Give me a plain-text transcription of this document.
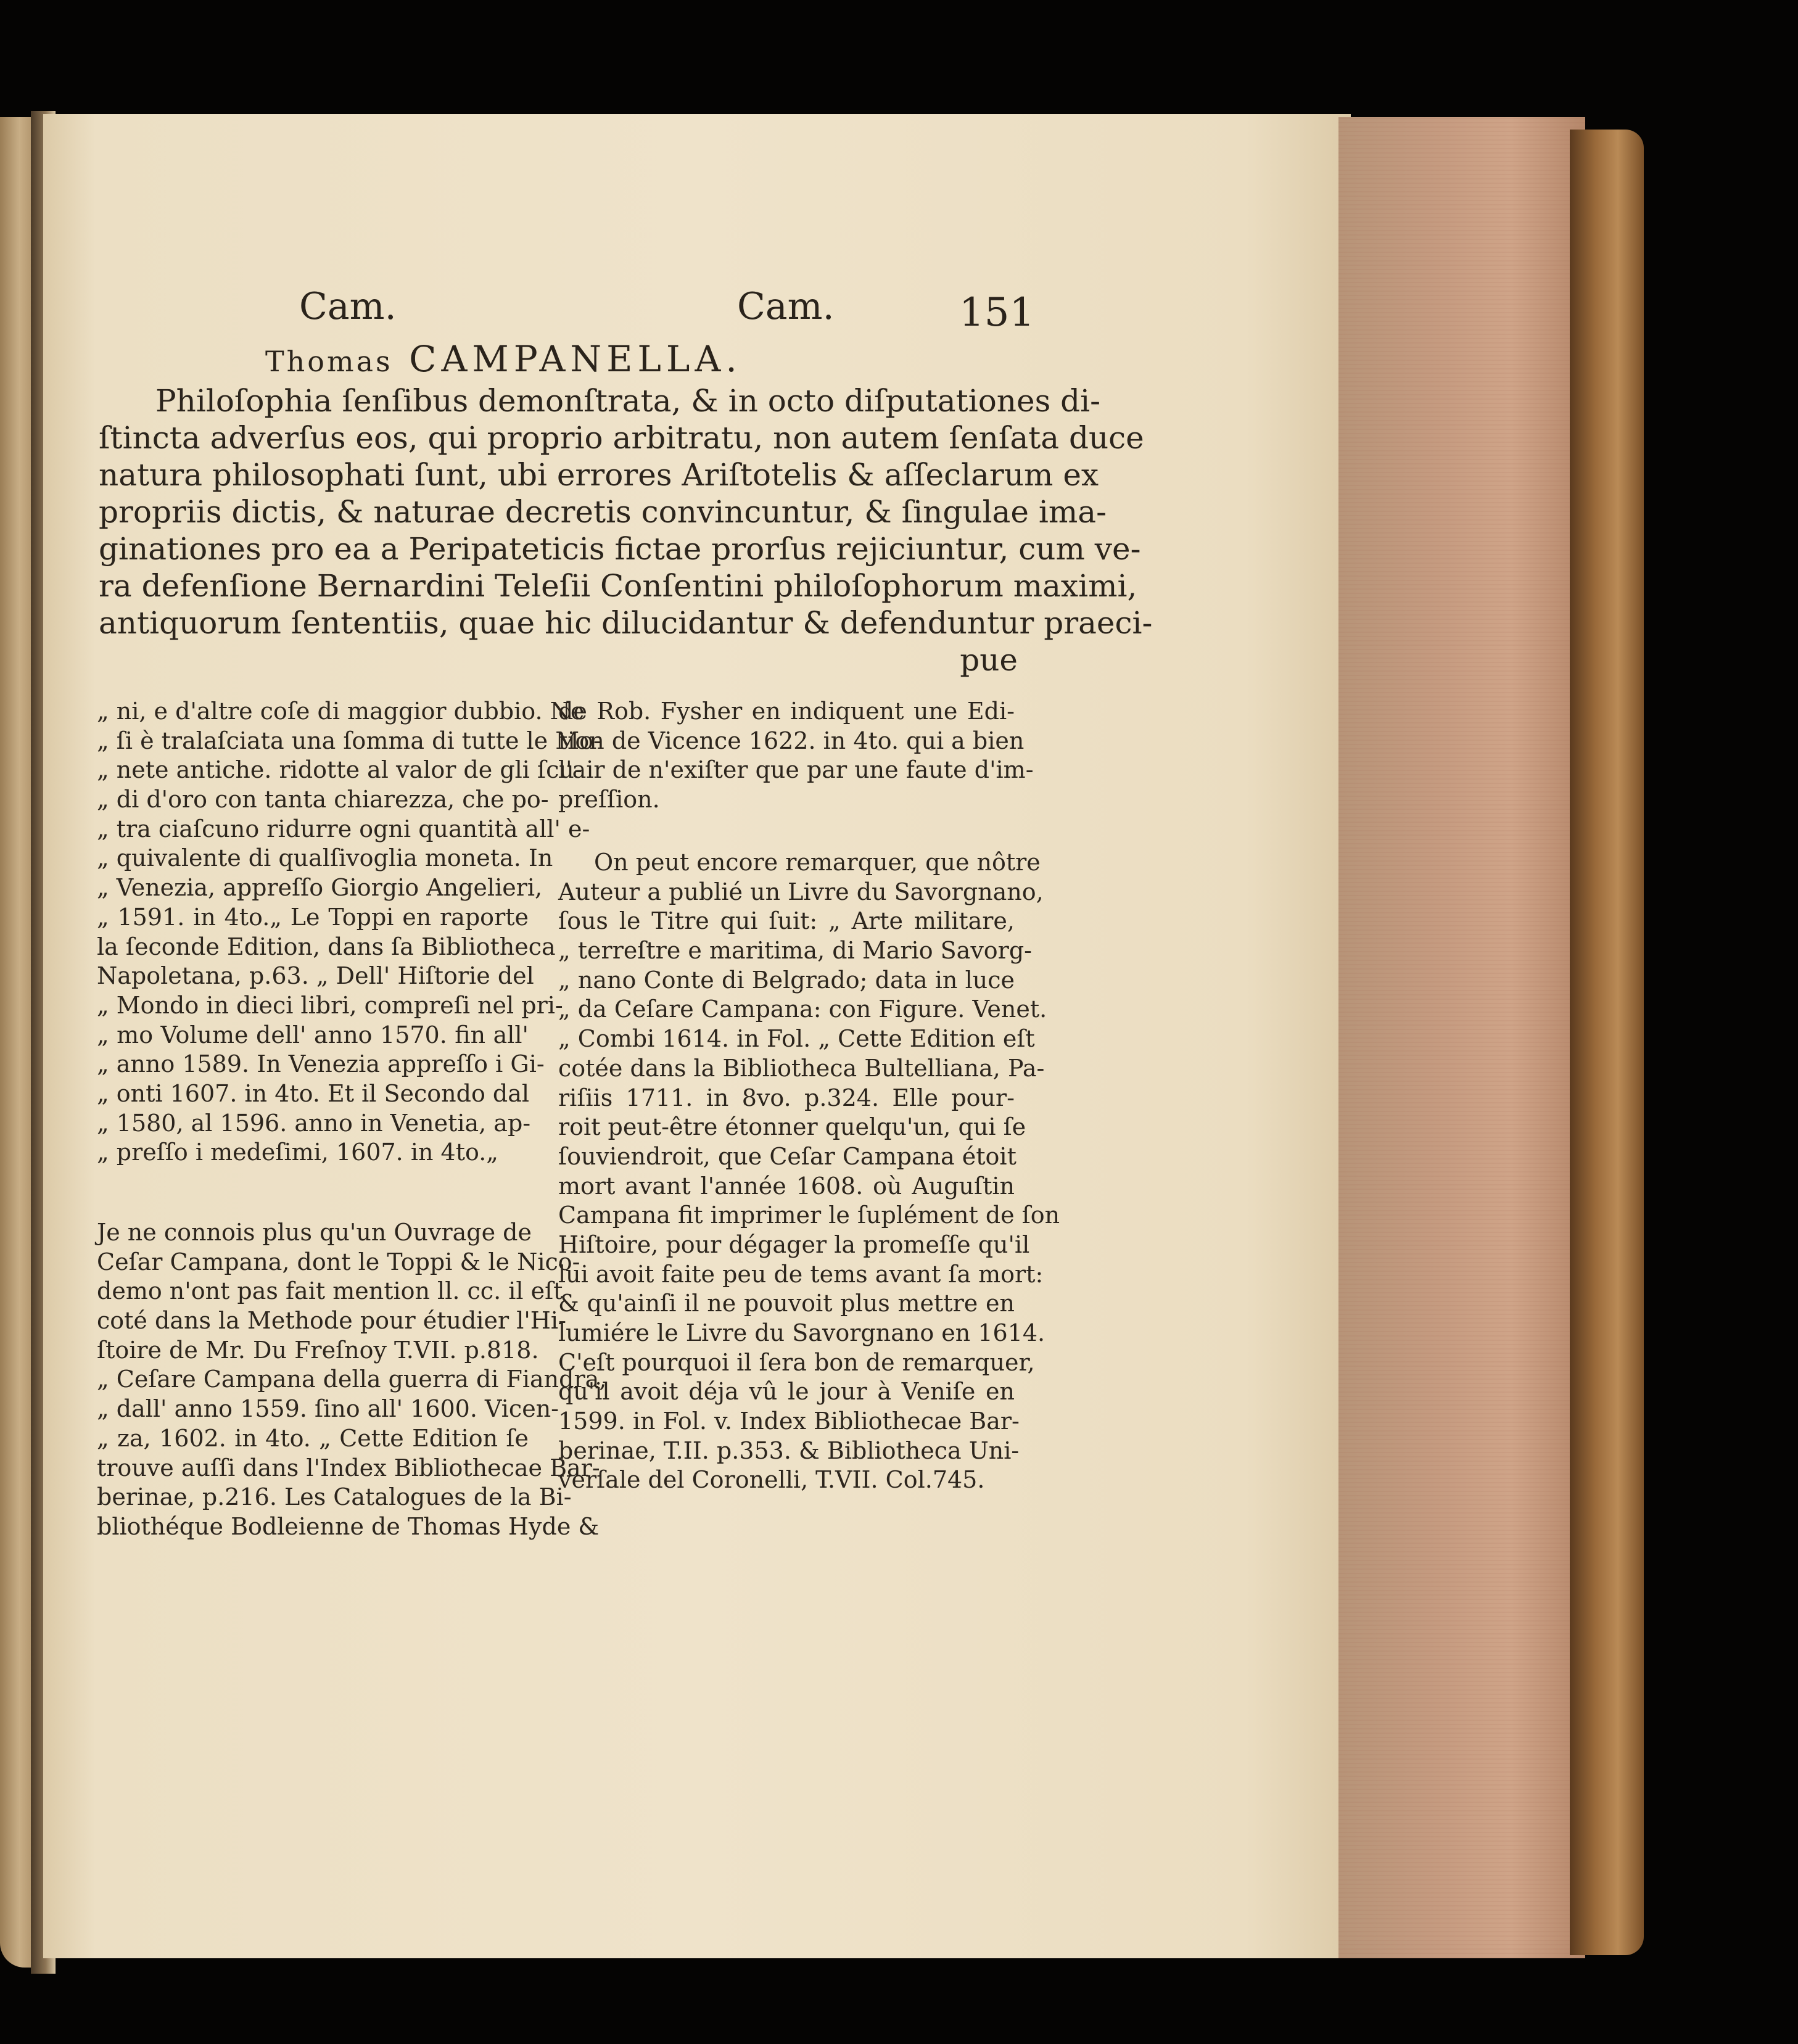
Cam.	Cam.	151
Thomas CAMPANELLA.
Philoſophia ſenſibus demonſtrata, & in octo diſputationes di-
ſtincta adverſus eos, qui proprio arbitratu, non autem ſenſata duce
natura philosophati ſunt, ubi errores Ariſtotelis & aſſeclarum ex
propriis dictis, & naturae decretis convincuntur, & ſingulae ima-
ginationes pro ea a Peripateticis fictae prorſus rejiciuntur, cum ve-
ra defenſione Bernardini Teleſii Conſentini philoſophorum maximi,
antiquorum ſententiis, quae hic dilucidantur & defenduntur praeci-
pue
„ ni, e d'altre coſe di maggior dubbio. Ne
„ ſi è tralaſciata una ſomma di tutte le Mo-
„ nete antiche. ridotte al valor de gli ſcu-
„ di d'oro con tanta chiarezza, che po-
„ tra ciaſcuno ridurre ogni quantità all' e-
„ quivalente di qualſivoglia moneta. In
„ Venezia, appreſſo Giorgio Angelieri,
„ 1591. in 4to.„ Le Toppi en raporte
la ſeconde Edition, dans ſa Bibliotheca
Napoletana, p.63. „ Dell' Hiſtorie del
„ Mondo in dieci libri, compreſi nel pri-
„ mo Volume dell' anno 1570. fin all'
„ anno 1589. In Venezia appreſſo i Gi-
„ onti 1607. in 4to. Et il Secondo dal
„ 1580, al 1596. anno in Venetia, ap-
„ preſſo i medeſimi, 1607. in 4to.„
Je ne connois plus qu'un Ouvrage de
Ceſar Campana, dont le Toppi & le Nico-
demo n'ont pas fait mention ll. cc. il eſt
coté dans la Methode pour étudier l'Hi-
ſtoire de Mr. Du Freſnoy T.VII. p.818.
„ Ceſare Campana della guerra di Fiandra,
„ dall' anno 1559. ſino all' 1600. Vicen-
„ za, 1602. in 4to. „ Cette Edition ſe
trouve auſſi dans l'Index Bibliothecae Bar-
berinae, p.216. Les Catalogues de la Bi-
bliothéque Bodleienne de Thomas Hyde &
de Rob. Fysher en indiquent une Edi-
tion de Vicence 1622. in 4to. qui a bien
l'air de n'exiſter que par une faute d'im-
preſſion.
On peut encore remarquer, que nôtre
Auteur a publié un Livre du Savorgnano,
ſous le Titre qui ſuit: „ Arte militare,
„ terreſtre e maritima, di Mario Savorg-
„ nano Conte di Belgrado; data in luce
„ da Ceſare Campana: con Figure. Venet.
„ Combi 1614. in Fol. „ Cette Edition eſt
cotée dans la Bibliotheca Bultelliana, Pa-
riſiis 1711. in 8vo. p.324. Elle pour-
roit peut-être étonner quelqu'un, qui ſe
ſouviendroit, que Ceſar Campana étoit
mort avant l'année 1608. où Auguſtin
Campana fit imprimer le ſuplément de ſon
Hiſtoire, pour dégager la promeſſe qu'il
lui avoit faite peu de tems avant ſa mort:
& qu'ainſi il ne pouvoit plus mettre en
lumiére le Livre du Savorgnano en 1614.
C'eſt pourquoi il ſera bon de remarquer,
qu'il avoit déja vû le jour à Veniſe en
1599. in Fol. v. Index Bibliothecae Bar-
berinae, T.II. p.353. & Bibliotheca Uni-
verſale del Coronelli, T.VII. Col.745.
